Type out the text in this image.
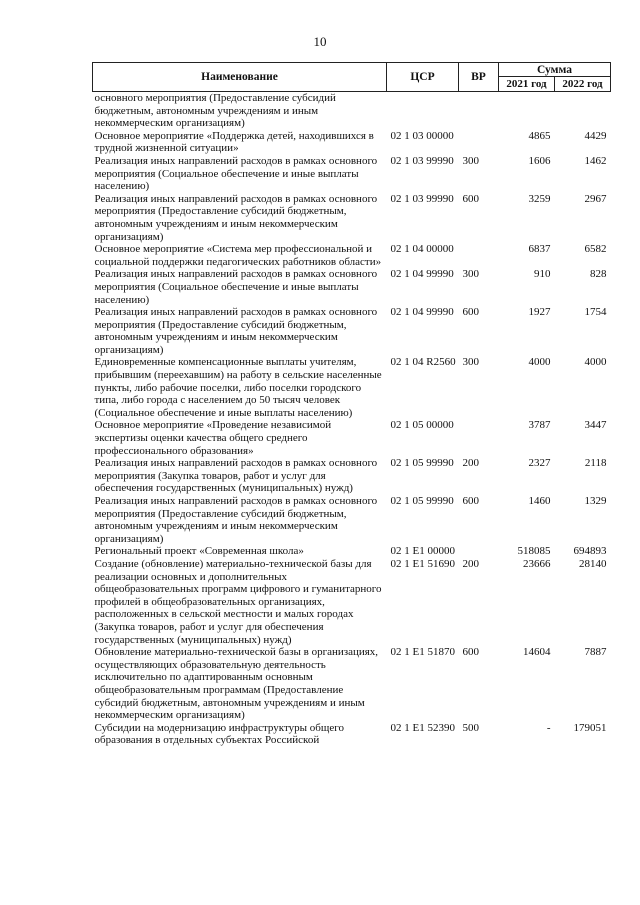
10
Наименование	ЦСР	ВР	Сумма	
			2021 год	2022 год
основного мероприятия (Предоставление субсидий бюджетным, автономным учреждениям и иным некоммерческим организациям)				
Основное мероприятие «Поддержка детей, находившихся в трудной жизненной ситуации»	02 1 03 00000		4865	4429
Реализация иных направлений расходов в рамках основного мероприятия (Социальное обеспечение и иные выплаты населению)	02 1 03 99990	300	1606	1462
Реализация иных направлений расходов в рамках основного мероприятия (Предоставление субсидий бюджетным, автономным учреждениям и иным некоммерческим организациям)	02 1 03 99990	600	3259	2967
Основное мероприятие «Система мер профессиональной и социальной поддержки педагогических работников области»	02 1 04 00000		6837	6582
Реализация иных направлений расходов в рамках основного мероприятия (Социальное обеспечение и иные выплаты населению)	02 1 04 99990	300	910	828
Реализация иных направлений расходов в рамках основного мероприятия (Предоставление субсидий бюджетным, автономным учреждениям и иным некоммерческим организациям)	02 1 04 99990	600	1927	1754
Единовременные компенсационные выплаты учителям, прибывшим (переехавшим) на работу в сельские населенные пункты, либо рабочие поселки, либо поселки городского типа, либо города с населением до 50 тысяч человек (Социальное обеспечение и иные выплаты населению)	02 1 04 R2560	300	4000	4000
Основное мероприятие «Проведение независимой экспертизы оценки качества общего среднего профессионального образования»	02 1 05 00000		3787	3447
Реализация иных направлений расходов в рамках основного мероприятия (Закупка товаров, работ и услуг для обеспечения государственных (муниципальных) нужд)	02 1 05 99990	200	2327	2118
Реализация иных направлений расходов в рамках основного мероприятия (Предоставление субсидий бюджетным, автономным учреждениям и иным некоммерческим организациям)	02 1 05 99990	600	1460	1329
Региональный проект «Современная школа»	02 1 E1 00000		518085	694893
Создание (обновление) материально-технической базы для реализации основных и дополнительных общеобразовательных программ цифрового и гуманитарного профилей в общеобразовательных организациях, расположенных в сельской местности и малых городах (Закупка товаров, работ и услуг для обеспечения государственных (муниципальных) нужд)	02 1 E1 51690	200	23666	28140
Обновление материально-технической базы в организациях, осуществляющих образовательную деятельность исключительно по адаптированным основным общеобразовательным программам (Предоставление субсидий бюджетным, автономным учреждениям и иным некоммерческим организациям)	02 1 E1 51870	600	14604	7887
Субсидии на модернизацию инфраструктуры общего образования в отдельных субъектах Российской	02 1 E1 52390	500	-	179051
